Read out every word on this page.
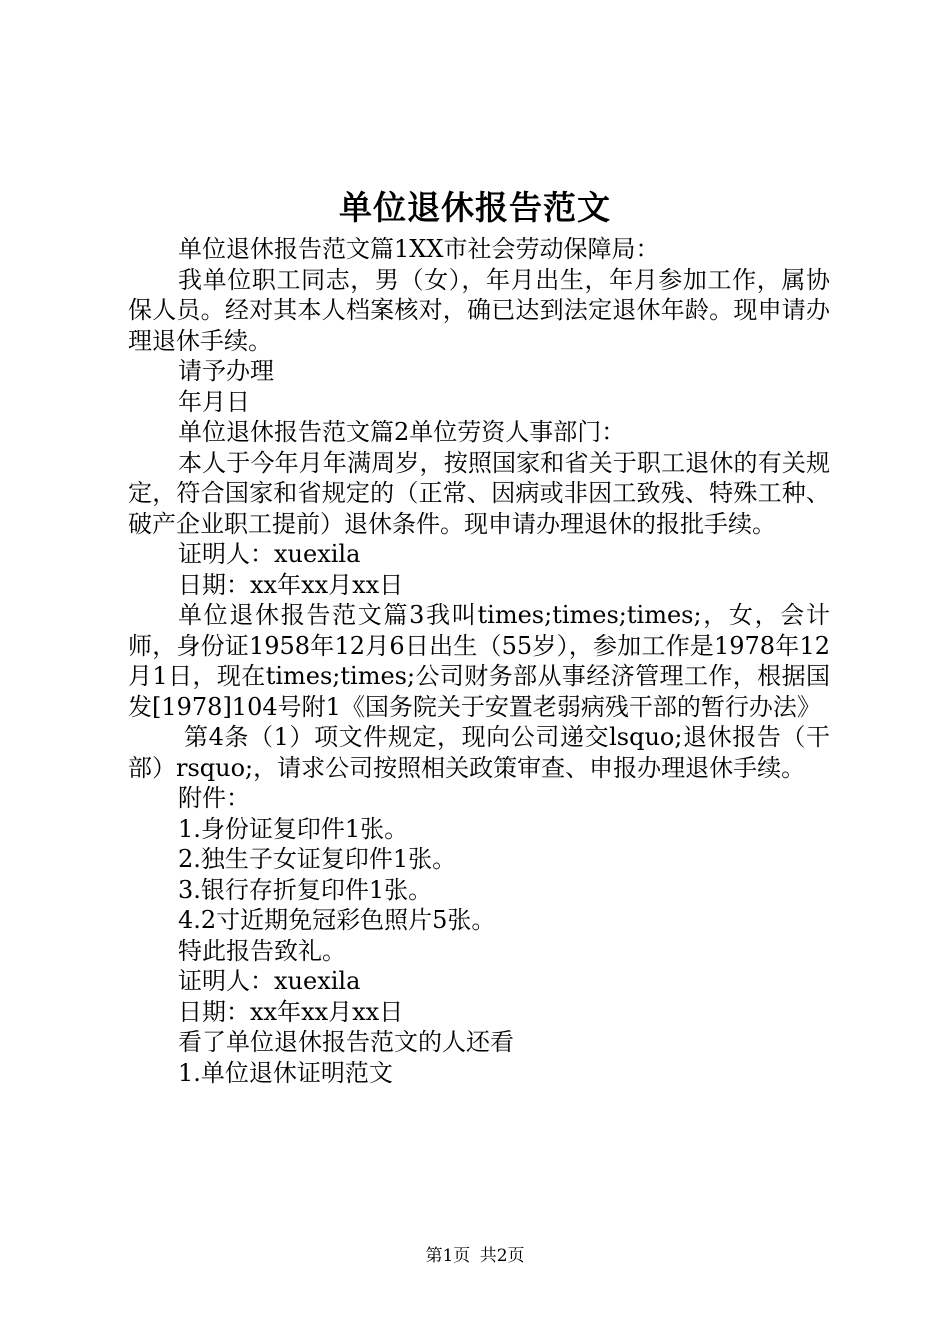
单位退休报告范文

单位退休报告范文篇1XX市社会劳动保障局：

我单位职工同志，男（女），年月出生，年月参加工作，属协保人员。经对其本人档案核对，确已达到法定退休年龄。现申请办理退休手续。

请予办理

年月日

单位退休报告范文篇2单位劳资人事部门：

本人于今年月年满周岁，按照国家和省关于职工退休的有关规定，符合国家和省规定的（正常、因病或非因工致残、特殊工种、破产企业职工提前）退休条件。现申请办理退休的报批手续。

证明人：xuexila

日期：xx年xx月xx日

单位退休报告范文篇3我叫times;times;times;，女，会计师，身份证1958年12月6日出生（55岁），参加工作是1978年12月1日，现在times;times;公司财务部从事经济管理工作，根据国发[1978]104号附1《国务院关于安置老弱病残干部的暂行办法》

第4条（1）项文件规定，现向公司递交lsquo;退休报告（干部）rsquo;，请求公司按照相关政策审查、申报办理退休手续。

附件：

1.身份证复印件1张。

2.独生子女证复印件1张。

3.银行存折复印件1张。

4.2寸近期免冠彩色照片5张。

特此报告致礼。

证明人：xuexila

日期：xx年xx月xx日

看了单位退休报告范文的人还看

1.单位退休证明范文

第1页 共2页
